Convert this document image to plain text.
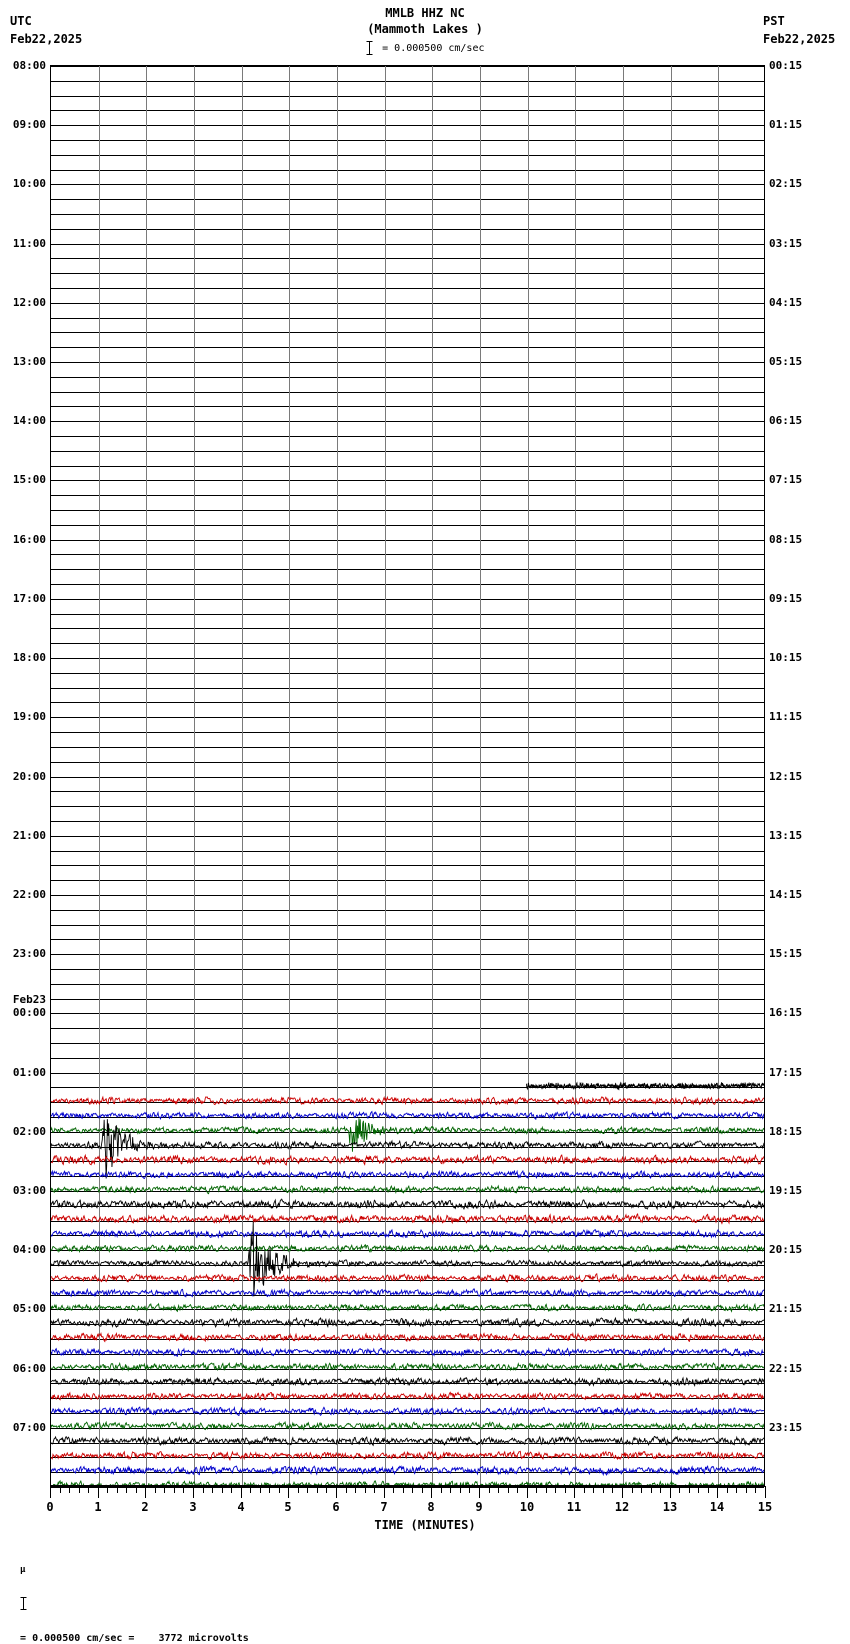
UTC
Feb22,2025
PST
Feb22,2025
MMLB HHZ NC
(Mammoth Lakes )
= 0.000500 cm/sec
08:00
09:00
10:00
11:00
12:00
13:00
14:00
15:00
16:00
17:00
18:00
19:00
20:00
21:00
22:00
23:00
Feb23
00:00
01:00
02:00
03:00
04:00
05:00
06:00
07:00
00:15
01:15
02:15
03:15
04:15
05:15
06:15
07:15
08:15
09:15
10:15
11:15
12:15
13:15
14:15
15:15
16:15
17:15
18:15
19:15
20:15
21:15
22:15
23:15
0	1	2	3	4	5	6	7	8	9	10	11	12	13	14	15
TIME (MINUTES)

μ

= 0.000500 cm/sec =    3772 microvolts
